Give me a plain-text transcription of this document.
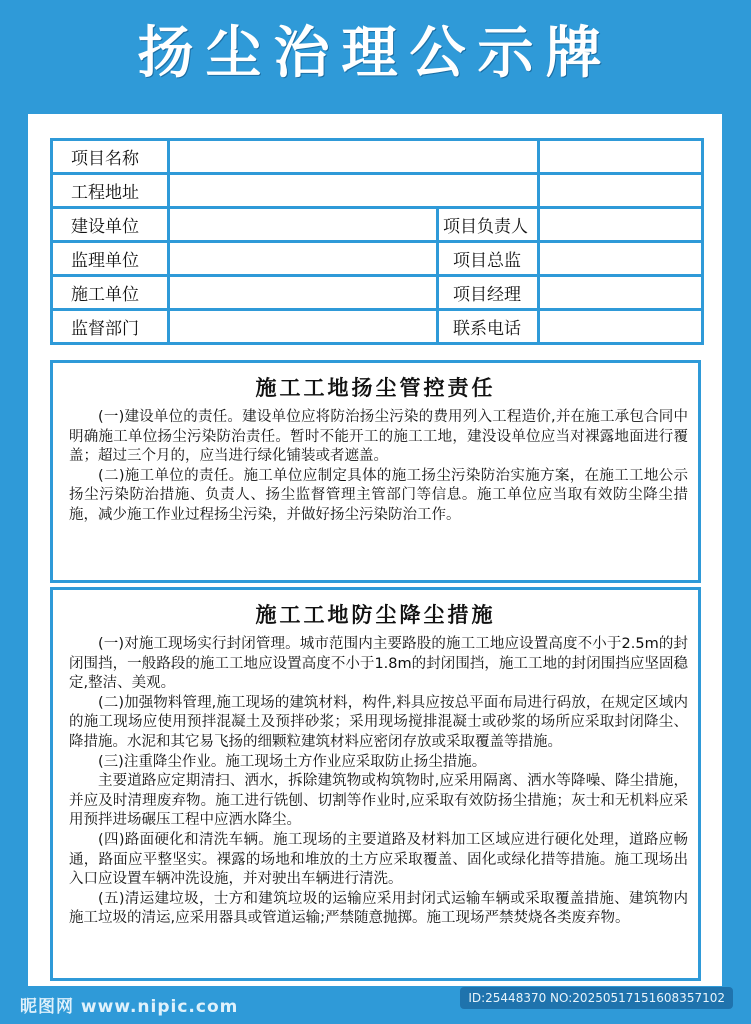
扬尘治理公示牌
项目名称			
工程地址			
建设单位		项目负责人	
监理单位		项目总监	
施工单位		项目经理	
监督部门		联系电话	
施工工地扬尘管控责任

(一)建设单位的责任。建设单位应将防治扬尘污染的费用列入工程造价,并在施工承包合同中明确施工单位扬尘污染防治责任。暂时不能开工的施工工地，建没设单位应当对裸露地面进行覆盖；超过三个月的，应当进行绿化铺装或者遮盖。

(二)施工单位的责任。施工单位应制定具体的施工扬尘污染防治实施方案，在施工工地公示扬尘污染防治措施、负责人、扬尘监督管理主管部门等信息。施工单位应当取有效防尘降尘措施，减少施工作业过程扬尘污染，并做好扬尘污染防治工作。

施工工地防尘降尘措施

(一)对施工现场实行封闭管理。城市范围内主要路股的施工工地应设置高度不小于2.5m的封闭围挡，一般路段的施工工地应设置高度不小于1.8m的封闭围挡，施工工地的封闭围挡应坚固稳定,整洁、美观。

(二)加强物料管理,施工现场的建筑材料，构件,料具应按总平面布局进行码放，在规定区域内的施工现场应使用预拌混凝土及预拌砂浆；采用现场搅排混凝士或砂浆的场所应采取封闭降尘、降措施。水泥和其它易飞扬的细颗粒建筑材料应密闭存放或采取覆盖等措施。

(三)注重降尘作业。施工现场土方作业应采取防止扬尘措施。

主要道路应定期清扫、洒水，拆除建筑物或构筑物时,应采用隔离、洒水等降噪、降尘措施，并应及时清理废弃物。施工进行铣刨、切割等作业时,应采取有效防扬尘措施；灰士和无机料应采用预拌进场碾压工程中应洒水降尘。

(四)路面硬化和清洗车辆。施工现场的主要道路及材料加工区域应进行硬化处理，道路应畅通，路面应平整坚实。裸露的场地和堆放的土方应采取覆盖、固化或绿化措等措施。施工现场出入口应设置车辆冲洗设施，并对驶出车辆进行清洗。

(五)清运建垃圾，士方和建筑垃圾的运输应采用封闭式运输车辆或采取覆盖措施、建筑物内施工垃圾的清运,应采用器具或管道运输;严禁随意抛掷。施工现场严禁焚烧各类废弃物。

昵图网 www.nipic.com	ID:25448370 NO:20250517151608357102
